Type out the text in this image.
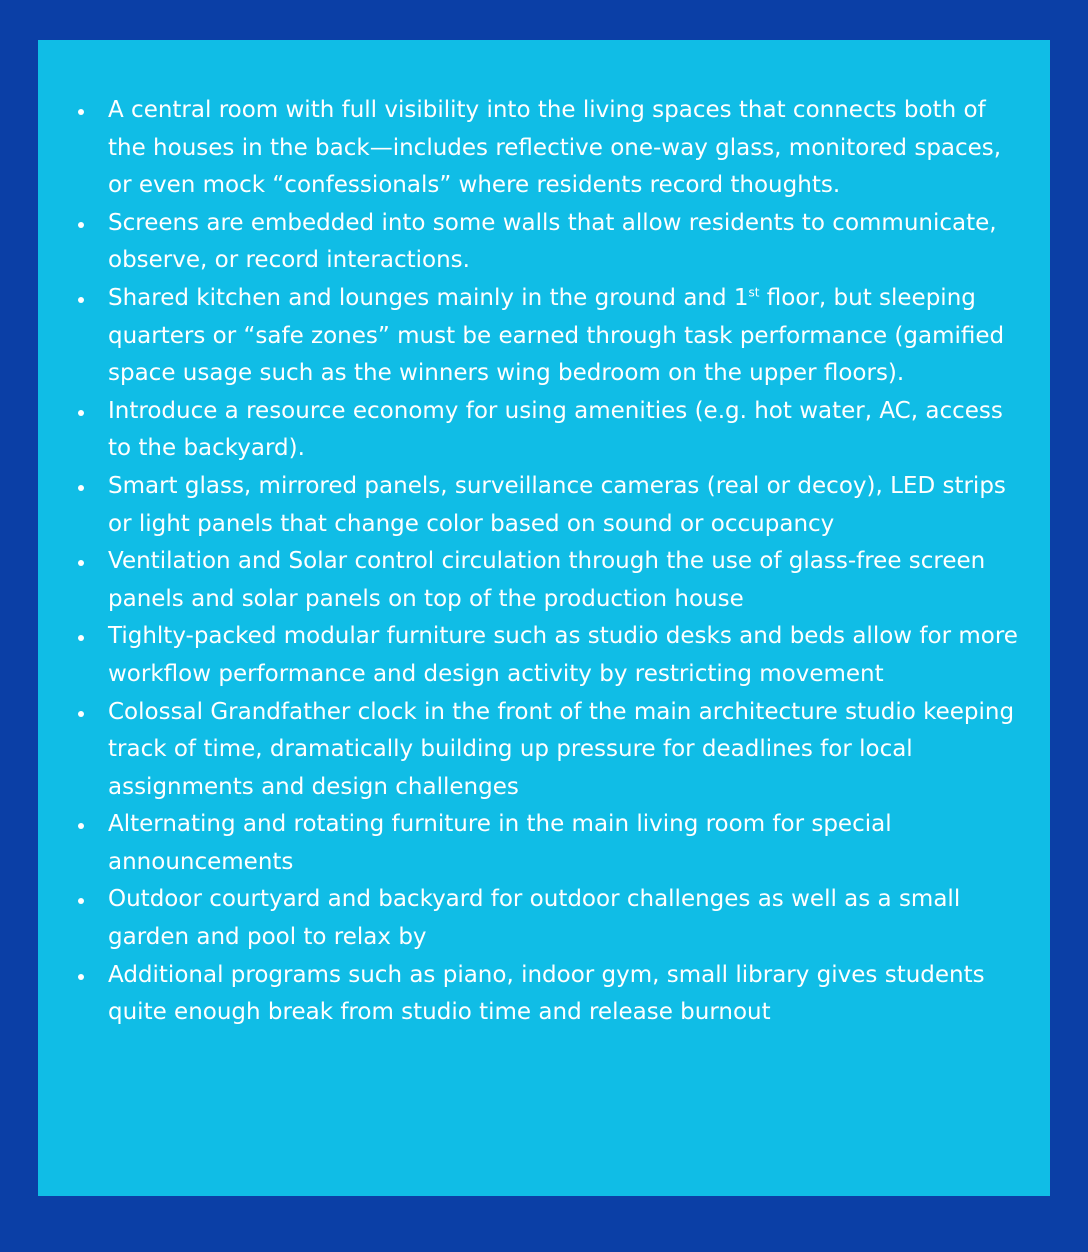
A central room with full visibility into the living spaces that connects both of the houses in the back—includes reflective one-way glass, monitored spaces, or even mock “confessionals” where residents record thoughts.
Screens are embedded into some walls that allow residents to communicate, observe, or record interactions.
Shared kitchen and lounges mainly in the ground and 1st floor, but sleeping quarters or “safe zones” must be earned through task performance (gamified space usage such as the winners wing bedroom on the upper floors).
Introduce a resource economy for using amenities (e.g. hot water, AC, access to the backyard).
Smart glass, mirrored panels, surveillance cameras (real or decoy), LED strips or light panels that change color based on sound or occupancy
Ventilation and Solar control circulation through the use of glass-free screen panels and solar panels on top of the production house
Tighlty-packed modular furniture such as studio desks and beds allow for more workflow performance and design activity by restricting movement
Colossal Grandfather clock in the front of the main architecture studio keeping track of time, dramatically building up pressure for deadlines for local assignments and design challenges
Alternating and rotating furniture in the main living room for special announcements
Outdoor courtyard and backyard for outdoor challenges as well as a small garden and pool to relax by
Additional programs such as piano, indoor gym, small library gives students quite enough break from studio time and release burnout
